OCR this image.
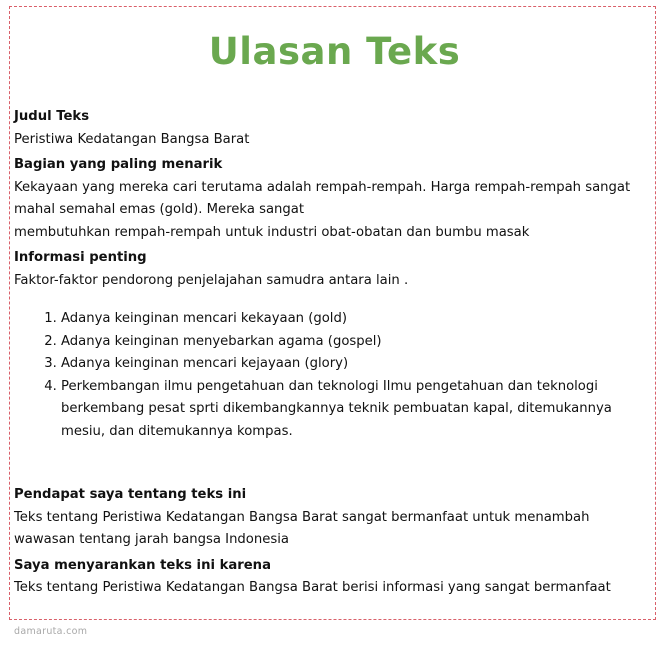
Ulasan Teks
Judul Teks

Peristiwa Kedatangan Bangsa Barat

Bagian yang paling menarik

Kekayaan yang mereka cari terutama adalah rempah-rempah. Harga rempah-rempah sangat mahal semahal emas (gold). Mereka sangat

membutuhkan rempah-rempah untuk industri obat-obatan dan bumbu masak

Informasi penting

Faktor-faktor pendorong penjelajahan samudra antara lain .

1. Adanya keinginan mencari kekayaan (gold)
2. Adanya keinginan menyebarkan agama (gospel)
3. Adanya keinginan mencari kejayaan (glory)
4. Perkembangan ilmu pengetahuan dan teknologi Ilmu pengetahuan dan teknologi berkembang pesat sprti dikembangkannya teknik pembuatan kapal, ditemukannya mesiu, dan ditemukannya kompas.
Pendapat saya tentang teks ini

Teks tentang Peristiwa Kedatangan Bangsa Barat sangat bermanfaat untuk menambah wawasan tentang jarah bangsa Indonesia

Saya menyarankan teks ini karena

Teks tentang Peristiwa Kedatangan Bangsa Barat berisi informasi yang sangat bermanfaat

damaruta.com
